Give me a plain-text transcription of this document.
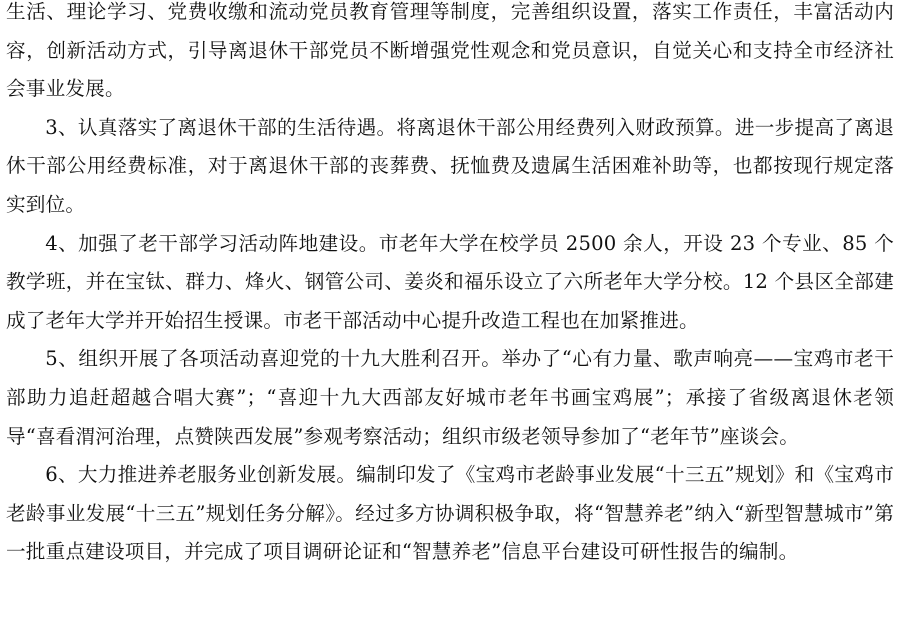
生活、理论学习、党费收缴和流动党员教育管理等制度，完善组织设置，落实工作责任，丰富活动内容，创新活动方式，引导离退休干部党员不断增强党性观念和党员意识，自觉关心和支持全市经济社会事业发展。

3、认真落实了离退休干部的生活待遇。将离退休干部公用经费列入财政预算。进一步提高了离退休干部公用经费标准，对于离退休干部的丧葬费、抚恤费及遗属生活困难补助等，也都按现行规定落实到位。

4、加强了老干部学习活动阵地建设。市老年大学在校学员 2500 余人，开设 23 个专业、85 个教学班，并在宝钛、群力、烽火、钢管公司、姜炎和福乐设立了六所老年大学分校。12 个县区全部建成了老年大学并开始招生授课。市老干部活动中心提升改造工程也在加紧推进。

5、组织开展了各项活动喜迎党的十九大胜利召开。举办了“心有力量、歌声响亮——宝鸡市老干部助力追赶超越合唱大赛”；“喜迎十九大西部友好城市老年书画宝鸡展”；承接了省级离退休老领导“喜看渭河治理，点赞陕西发展”参观考察活动；组织市级老领导参加了“老年节”座谈会。

6、大力推进养老服务业创新发展。编制印发了《宝鸡市老龄事业发展“十三五”规划》和《宝鸡市老龄事业发展“十三五”规划任务分解》。经过多方协调积极争取，将“智慧养老”纳入“新型智慧城市”第一批重点建设项目，并完成了项目调研论证和“智慧养老”信息平台建设可研性报告的编制。
